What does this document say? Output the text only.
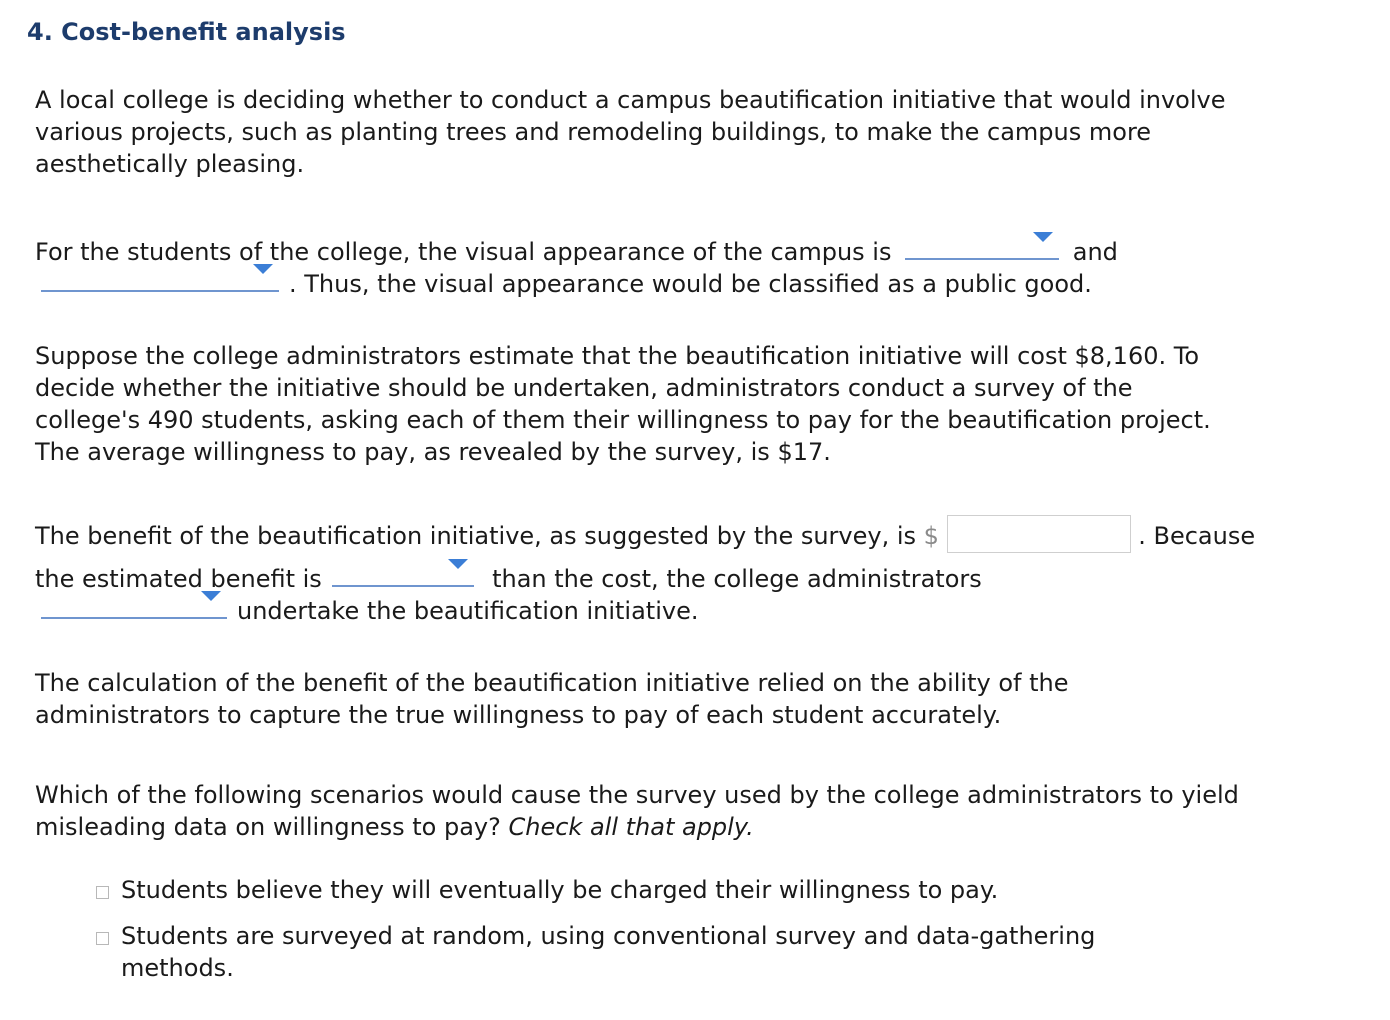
4. Cost-benefit analysis
A local college is deciding whether to conduct a campus beautification initiative that would involve
various projects, such as planting trees and remodeling buildings, to make the campus more
aesthetically pleasing.
For the students of the college, the visual appearance of the campus is	and
. Thus, the visual appearance would be classified as a public good.
Suppose the college administrators estimate that the beautification initiative will cost $8,160. To
decide whether the initiative should be undertaken, administrators conduct a survey of the
college's 490 students, asking each of them their willingness to pay for the beautification project.
The average willingness to pay, as revealed by the survey, is $17.
The benefit of the beautification initiative, as suggested by the survey, is $	. Because
the estimated benefit is	than the cost, the college administrators
undertake the beautification initiative.
The calculation of the benefit of the beautification initiative relied on the ability of the
administrators to capture the true willingness to pay of each student accurately.
Which of the following scenarios would cause the survey used by the college administrators to yield
misleading data on willingness to pay? Check all that apply.
Students believe they will eventually be charged their willingness to pay.
Students are surveyed at random, using conventional survey and data-gathering
methods.
